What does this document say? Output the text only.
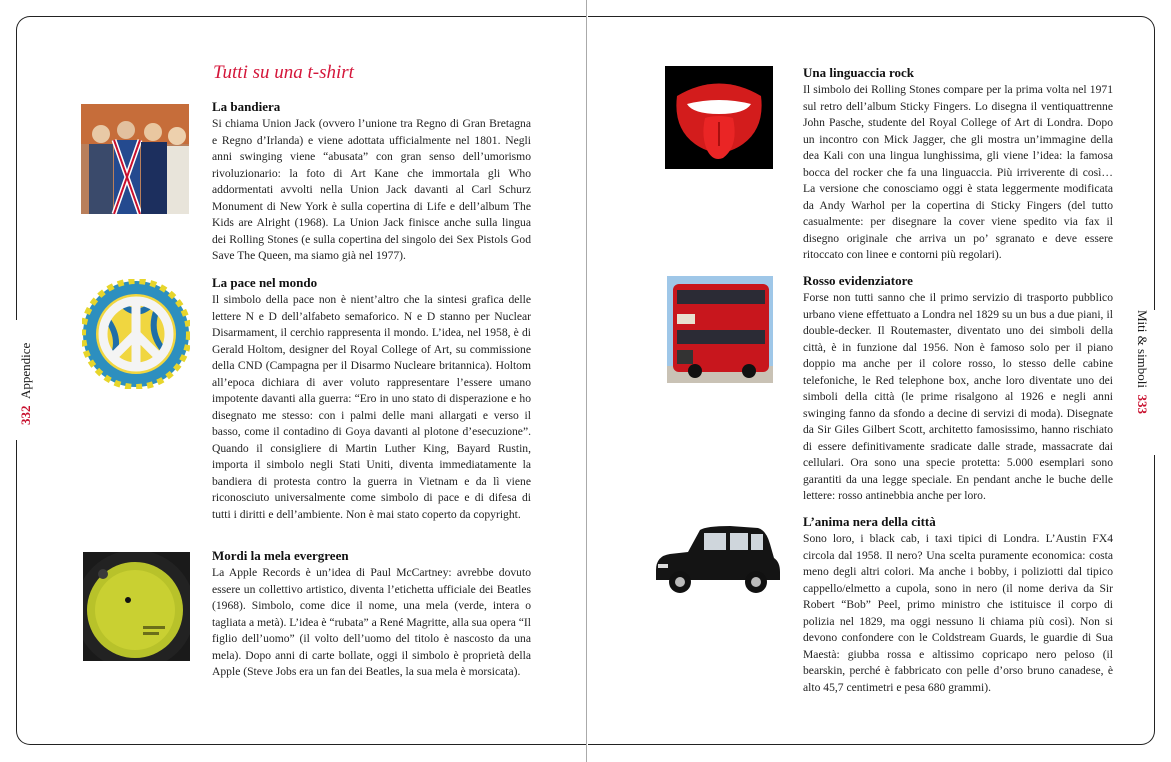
332  Appendice	Miti & simboli  333
Tutti su una t-shirt
La bandiera

Si chiama Union Jack (ovvero l’unione tra Regno di Gran Bretagna e Regno d’Irlanda) e viene adottata ufficialmente nel 1801. Negli anni swinging viene “abusata” con gran senso dell’umorismo rivoluzionario: la foto di Art Kane che immortala gli Who addormentati avvolti nella Union Jack davanti al Carl Schurz Monument di New York è sulla copertina di Life e dell’album The Kids are Alright (1968). La Union Jack finisce anche sulla lingua dei Rolling Stones (e sulla copertina del singolo dei Sex Pistols God Save The Queen, ma siamo già nel 1977).

La pace nel mondo

Il simbolo della pace non è nient’altro che la sintesi grafica delle lettere N e D dell’alfabeto semaforico. N e D stanno per Nuclear Disarmament, il cerchio rappresenta il mondo. L’idea, nel 1958, è di Gerald Holtom, designer del Royal College of Art, su commissione della CND (Campagna per il Disarmo Nucleare britannica). Holtom all’epoca dichiara di aver voluto rappresentare l’essere umano impotente davanti alla guerra: “Ero in uno stato di disperazione e ho disegnato me stesso: con i palmi delle mani allargati e verso il basso, come il contadino di Goya davanti al plotone d’esecuzione”. Quando il consigliere di Martin Luther King, Bayard Rustin, importa il simbolo negli Stati Uniti, diventa immediatamente la bandiera di protesta contro la guerra in Vietnam e da lì viene riconosciuto universalmente come simbolo di pace e di difesa di tutti i diritti e dell’ambiente. Non è mai stato coperto da copyright.

Mordi la mela evergreen

La Apple Records è un’idea di Paul McCartney: avrebbe dovuto essere un collettivo artistico, diventa l’etichetta ufficiale dei Beatles (1968). Simbolo, come dice il nome, una mela (verde, intera o tagliata a metà). L’idea è “rubata” a René Magritte, alla sua opera “Il figlio dell’uomo” (il volto dell’uomo del titolo è nascosto da una mela). Dopo anni di carte bollate, oggi il simbolo è proprietà della Apple (Steve Jobs era un fan dei Beatles, la sua mela è morsicata).

Una linguaccia rock

Il simbolo dei Rolling Stones compare per la prima volta nel 1971 sul retro dell’album Sticky Fingers. Lo disegna il ventiquattrenne John Pasche, studente del Royal College of Art di Londra. Dopo un incontro con Mick Jagger, che gli mostra un’immagine della dea Kali con una lingua lunghissima, gli viene l’idea: la famosa bocca del rocker che fa una linguaccia. Più irriverente di così… La versione che conosciamo oggi è stata leggermente modificata da Andy Warhol per la copertina di Sticky Fingers (del tutto casualmente: per disegnare la cover viene spedito via fax il disegno originale che arriva un po’ sgranato e deve essere ritoccato con linee e contorni più regolari).

Rosso evidenziatore

Forse non tutti sanno che il primo servizio di trasporto pubblico urbano viene effettuato a Londra nel 1829 su un bus a due piani, il double-decker. Il Routemaster, diventato uno dei simboli della città, è in funzione dal 1956. Non è famoso solo per il piano doppio ma anche per il colore rosso, lo stesso delle cabine telefoniche, le Red telephone box, anche loro diventate uno dei simboli della città (le prime risalgono al 1926 e negli anni swinging fanno da sfondo a decine di servizi di moda). Disegnate da Sir Giles Gilbert Scott, architetto famosissimo, hanno rischiato di essere definitivamente sradicate dalle strade, massacrate dai cellulari. Ora sono una specie protetta: 5.000 esemplari sono garantiti da una legge speciale. En pendant anche le buche delle lettere: rosso antinebbia anche per loro.

L’anima nera della città

Sono loro, i black cab, i taxi tipici di Londra. L’Austin FX4 circola dal 1958. Il nero? Una scelta puramente economica: costa meno degli altri colori. Ma anche i bobby, i poliziotti dal tipico cappello/elmetto a cupola, sono in nero (il nome deriva da Sir Robert “Bob” Peel, primo ministro che istituisce il corpo di polizia nel 1829, ma oggi nessuno li chiama più così). Non si devono confondere con le Coldstream Guards, le guardie di Sua Maestà: giubba rossa e altissimo copricapo nero peloso (il bearskin, perché è fabbricato con pelle d’orso bruno canadese, è alto 45,7 centimetri e pesa 680 grammi).
